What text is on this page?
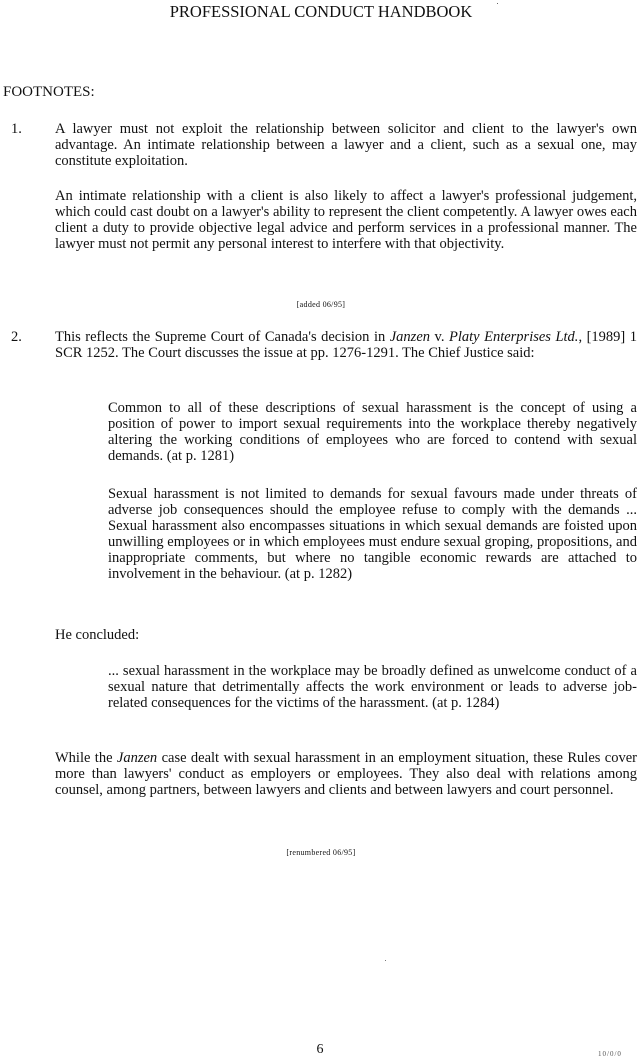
PROFESSIONAL CONDUCT HANDBOOK
FOOTNOTES:
1. A lawyer must not exploit the relationship between solicitor and client to the lawyer's own advantage. An intimate relationship between a lawyer and a client, such as a sexual one, may constitute exploitation.

An intimate relationship with a client is also likely to affect a lawyer's professional judgement, which could cast doubt on a lawyer's ability to represent the client competently. A lawyer owes each client a duty to provide objective legal advice and perform services in a professional manner. The lawyer must not permit any personal interest to interfere with that objectivity.

[added 06/95]
2. This reflects the Supreme Court of Canada's decision in Janzen v. Platy Enterprises Ltd., [1989] 1 SCR 1252. The Court discusses the issue at pp. 1276-1291. The Chief Justice said:

Common to all of these descriptions of sexual harassment is the concept of using a position of power to import sexual requirements into the workplace thereby negatively altering the working conditions of employees who are forced to contend with sexual demands. (at p. 1281)

Sexual harassment is not limited to demands for sexual favours made under threats of adverse job consequences should the employee refuse to comply with the demands ... Sexual harassment also encompasses situations in which sexual demands are foisted upon unwilling employees or in which employees must endure sexual groping, propositions, and inappropriate comments, but where no tangible economic rewards are attached to involvement in the behaviour. (at p. 1282)

He concluded:

... sexual harassment in the workplace may be broadly defined as unwelcome conduct of a sexual nature that detrimentally affects the work environment or leads to adverse job-related consequences for the victims of the harassment. (at p. 1284)

While the Janzen case dealt with sexual harassment in an employment situation, these Rules cover more than lawyers' conduct as employers or employees. They also deal with relations among counsel, among partners, between lawyers and clients and between lawyers and court personnel.

[renumbered 06/95]
6	10/0/0
